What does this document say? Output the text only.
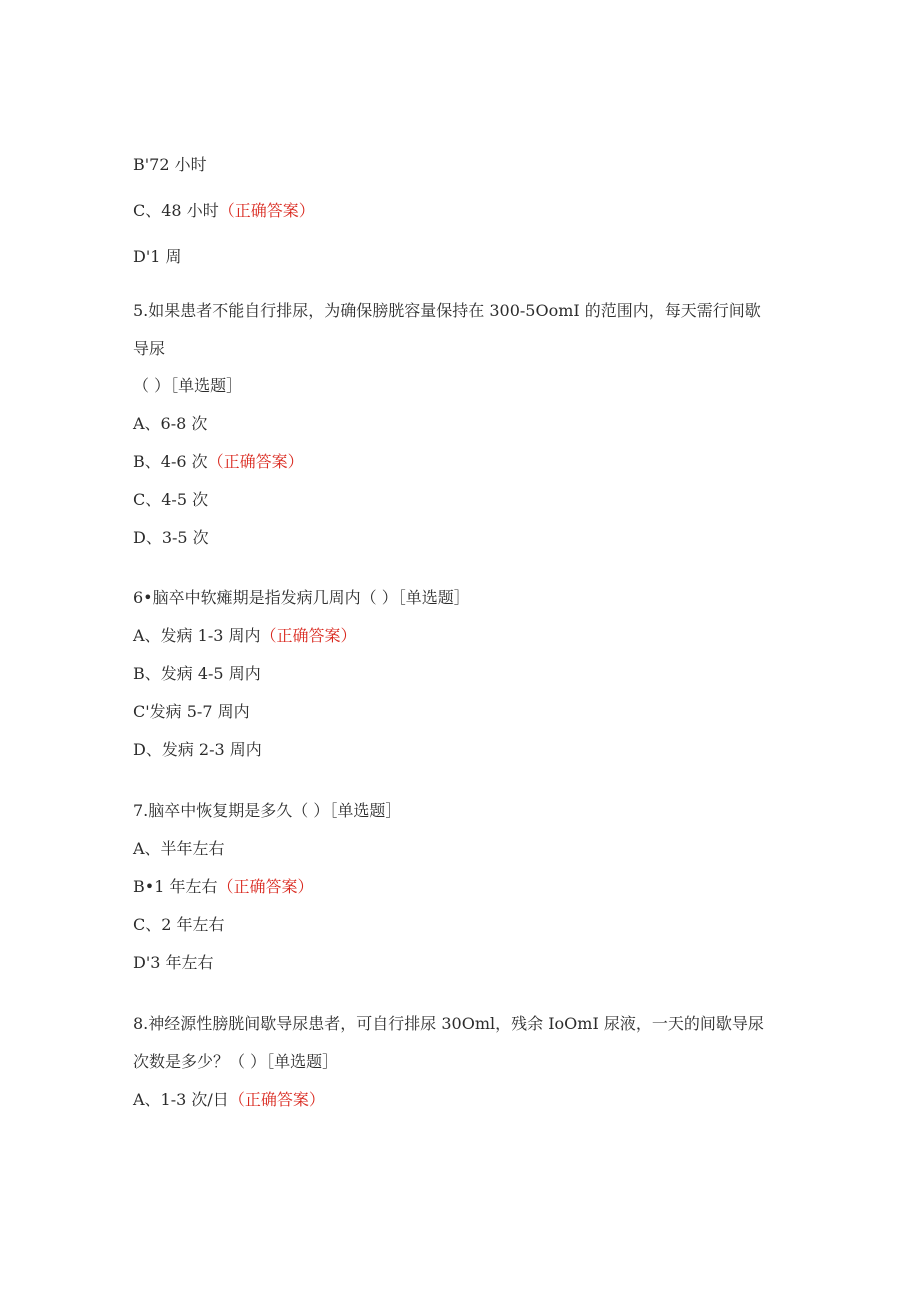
B'72 小时
C、48 小时（正确答案）
D'1 周
5.如果患者不能自行排尿，为确保膀胱容量保持在 300-5OomI 的范围内，每天需行间歇
导尿
（ ）［单选题］
A、6-8 次
B、4-6 次（正确答案）
C、4-5 次
D、3-5 次
6•脑卒中软瘫期是指发病几周内（ ）［单选题］
A、发病 1-3 周内（正确答案）
B、发病 4-5 周内
C'发病 5-7 周内
D、发病 2-3 周内
7.脑卒中恢复期是多久（ ）［单选题］
A、半年左右
B•1 年左右（正确答案）
C、2 年左右
D'3 年左右
8.神经源性膀胱间歇导尿患者，可自行排尿 30Oml，残余 IoOmI 尿液，一天的间歇导尿
次数是多少？（ ）［单选题］
A、1-3 次/日（正确答案）
